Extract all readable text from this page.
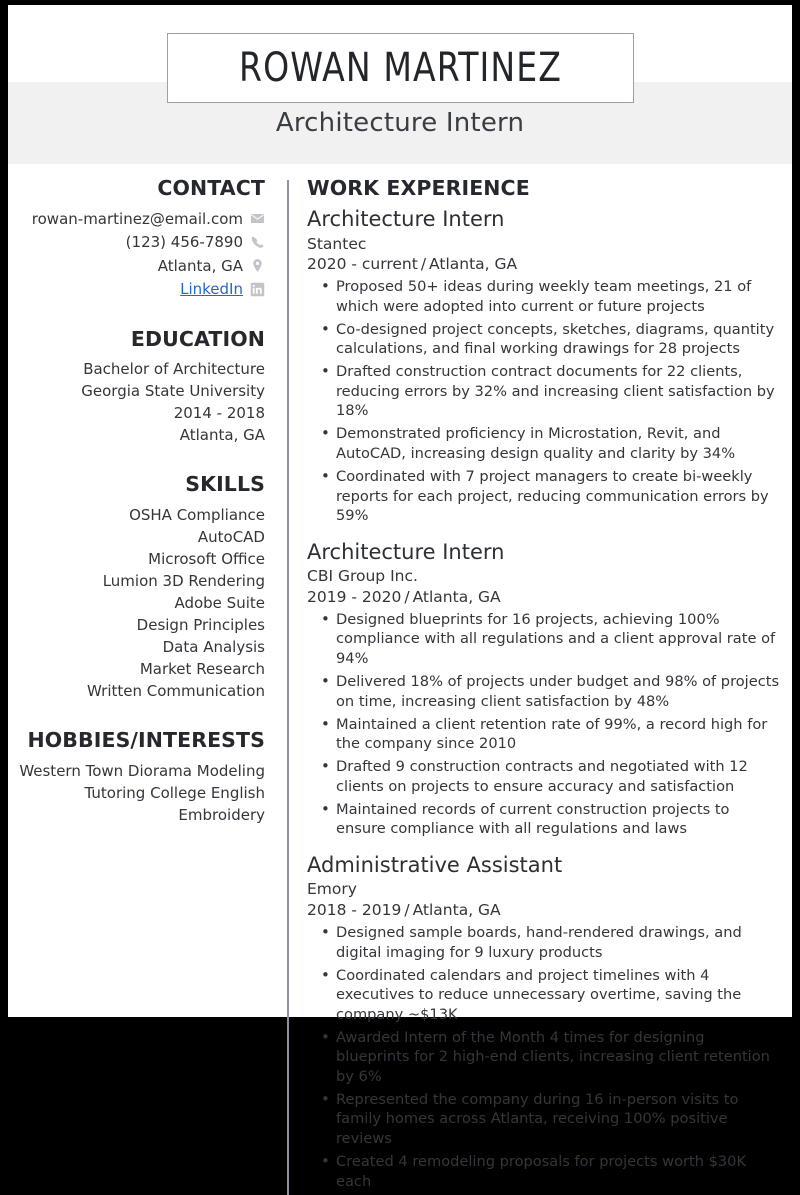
ROWAN MARTINEZ
Architecture Intern
CONTACT
rowan-martinez@email.com
(123) 456-7890
Atlanta, GA
LinkedIn
EDUCATION
Bachelor of Architecture
Georgia State University
2014 - 2018
Atlanta, GA
SKILLS
OSHA Compliance
AutoCAD
Microsoft Office
Lumion 3D Rendering
Adobe Suite
Design Principles
Data Analysis
Market Research
Written Communication
HOBBIES/INTERESTS
Western Town Diorama Modeling
Tutoring College English
Embroidery
WORK EXPERIENCE
Architecture Intern
Stantec
2020 - current / Atlanta, GA
• Proposed 50+ ideas during weekly team meetings, 21 of which were adopted into current or future projects
• Co-designed project concepts, sketches, diagrams, quantity calculations, and final working drawings for 28 projects
• Drafted construction contract documents for 22 clients, reducing errors by 32% and increasing client satisfaction by 18%
• Demonstrated proficiency in Microstation, Revit, and AutoCAD, increasing design quality and clarity by 34%
• Coordinated with 7 project managers to create bi-weekly reports for each project, reducing communication errors by 59%
Architecture Intern
CBI Group Inc.
2019 - 2020 / Atlanta, GA
• Designed blueprints for 16 projects, achieving 100% compliance with all regulations and a client approval rate of 94%
• Delivered 18% of projects under budget and 98% of projects on time, increasing client satisfaction by 48%
• Maintained a client retention rate of 99%, a record high for the company since 2010
• Drafted 9 construction contracts and negotiated with 12 clients on projects to ensure accuracy and satisfaction
• Maintained records of current construction projects to ensure compliance with all regulations and laws
Administrative Assistant
Emory
2018 - 2019 / Atlanta, GA
• Designed sample boards, hand-rendered drawings, and digital imaging for 9 luxury products
• Coordinated calendars and project timelines with 4 executives to reduce unnecessary overtime, saving the company ~$13K
• Awarded Intern of the Month 4 times for designing blueprints for 2 high-end clients, increasing client retention by 6%
• Represented the company during 16 in-person visits to family homes across Atlanta, receiving 100% positive reviews
• Created 4 remodeling proposals for projects worth $30K each
